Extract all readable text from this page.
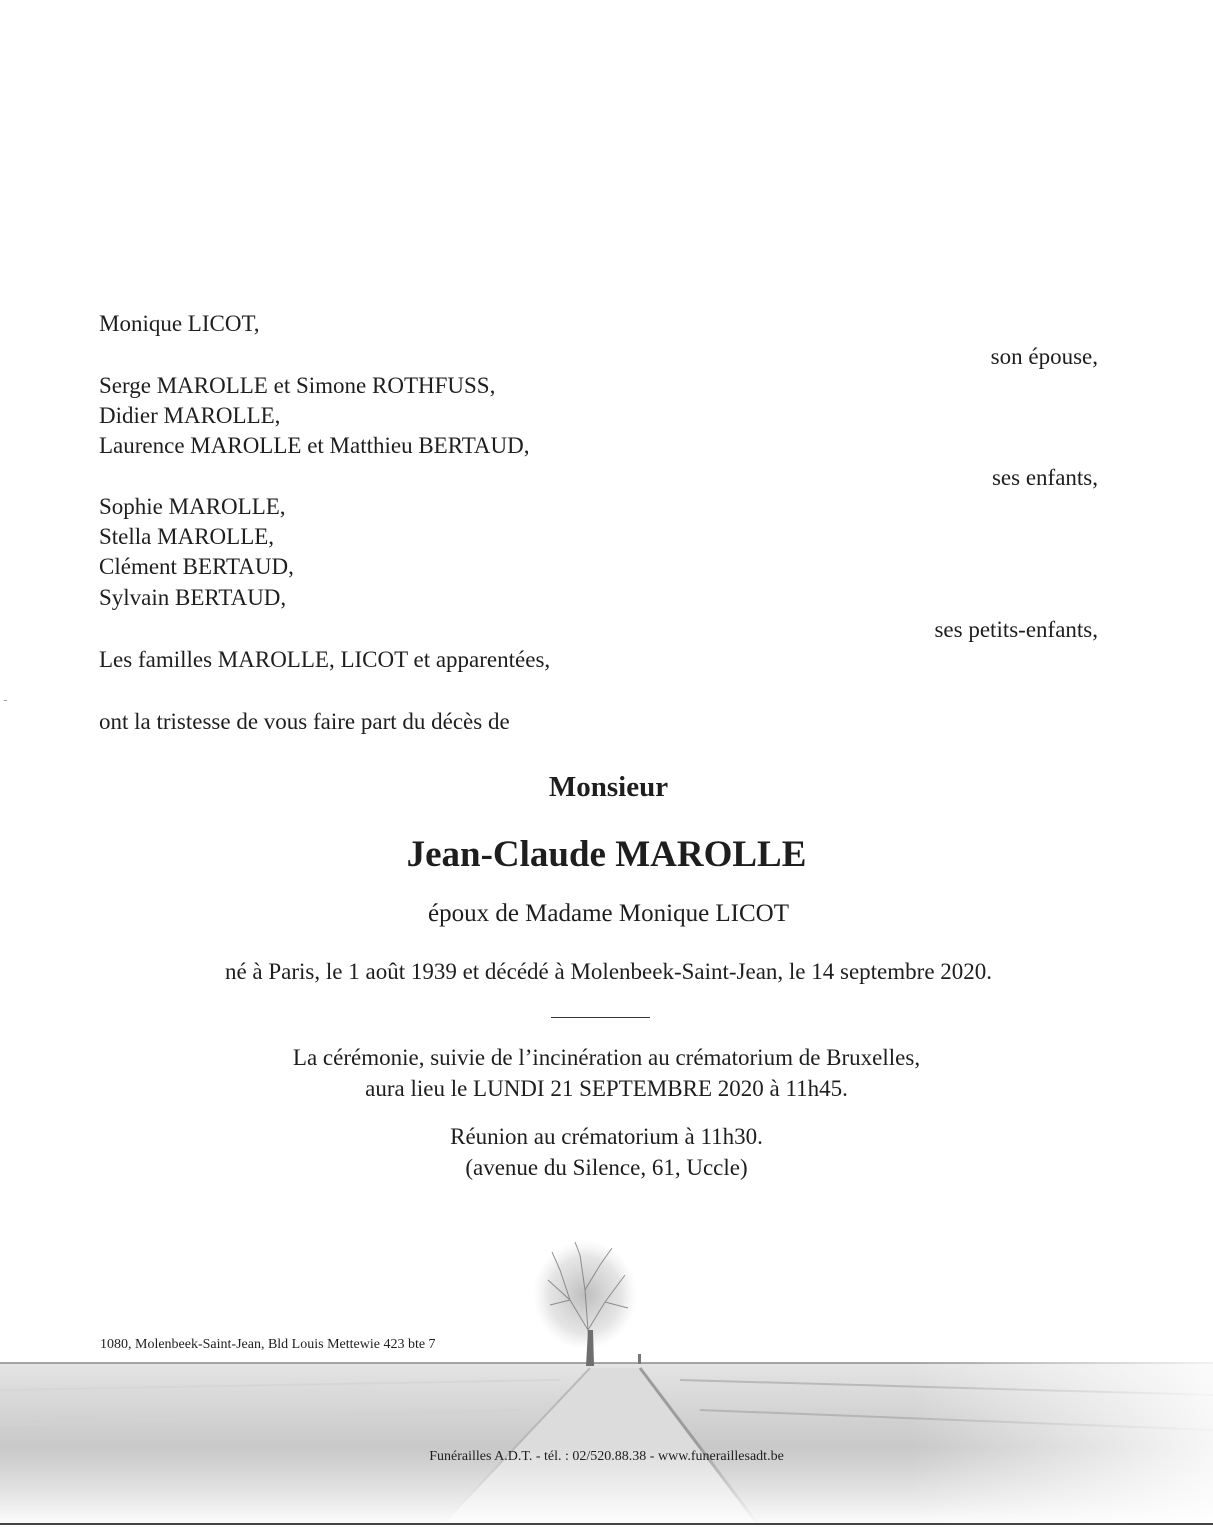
Monique LICOT,
son épouse,
Serge MAROLLE et Simone ROTHFUSS,
Didier MAROLLE,
Laurence MAROLLE et Matthieu BERTAUD,
ses enfants,
Sophie MAROLLE,
Stella MAROLLE,
Clément BERTAUD,
Sylvain BERTAUD,
ses petits-enfants,
Les familles MAROLLE, LICOT et apparentées,
ont la tristesse de vous faire part du décès de
Monsieur
Jean-Claude MAROLLE
époux de Madame Monique LICOT
né à Paris, le 1 août 1939 et décédé à Molenbeek-Saint-Jean, le 14 septembre 2020.
La cérémonie, suivie de l’incinération au crématorium de Bruxelles,
aura lieu le LUNDI 21 SEPTEMBRE 2020 à 11h45.
Réunion au crématorium à 11h30.
(avenue du Silence, 61, Uccle)
1080, Molenbeek-Saint-Jean, Bld Louis Mettewie 423 bte 7
Funérailles A.D.T. - tél. : 02/520.88.38 - www.funerailles​adt.be
